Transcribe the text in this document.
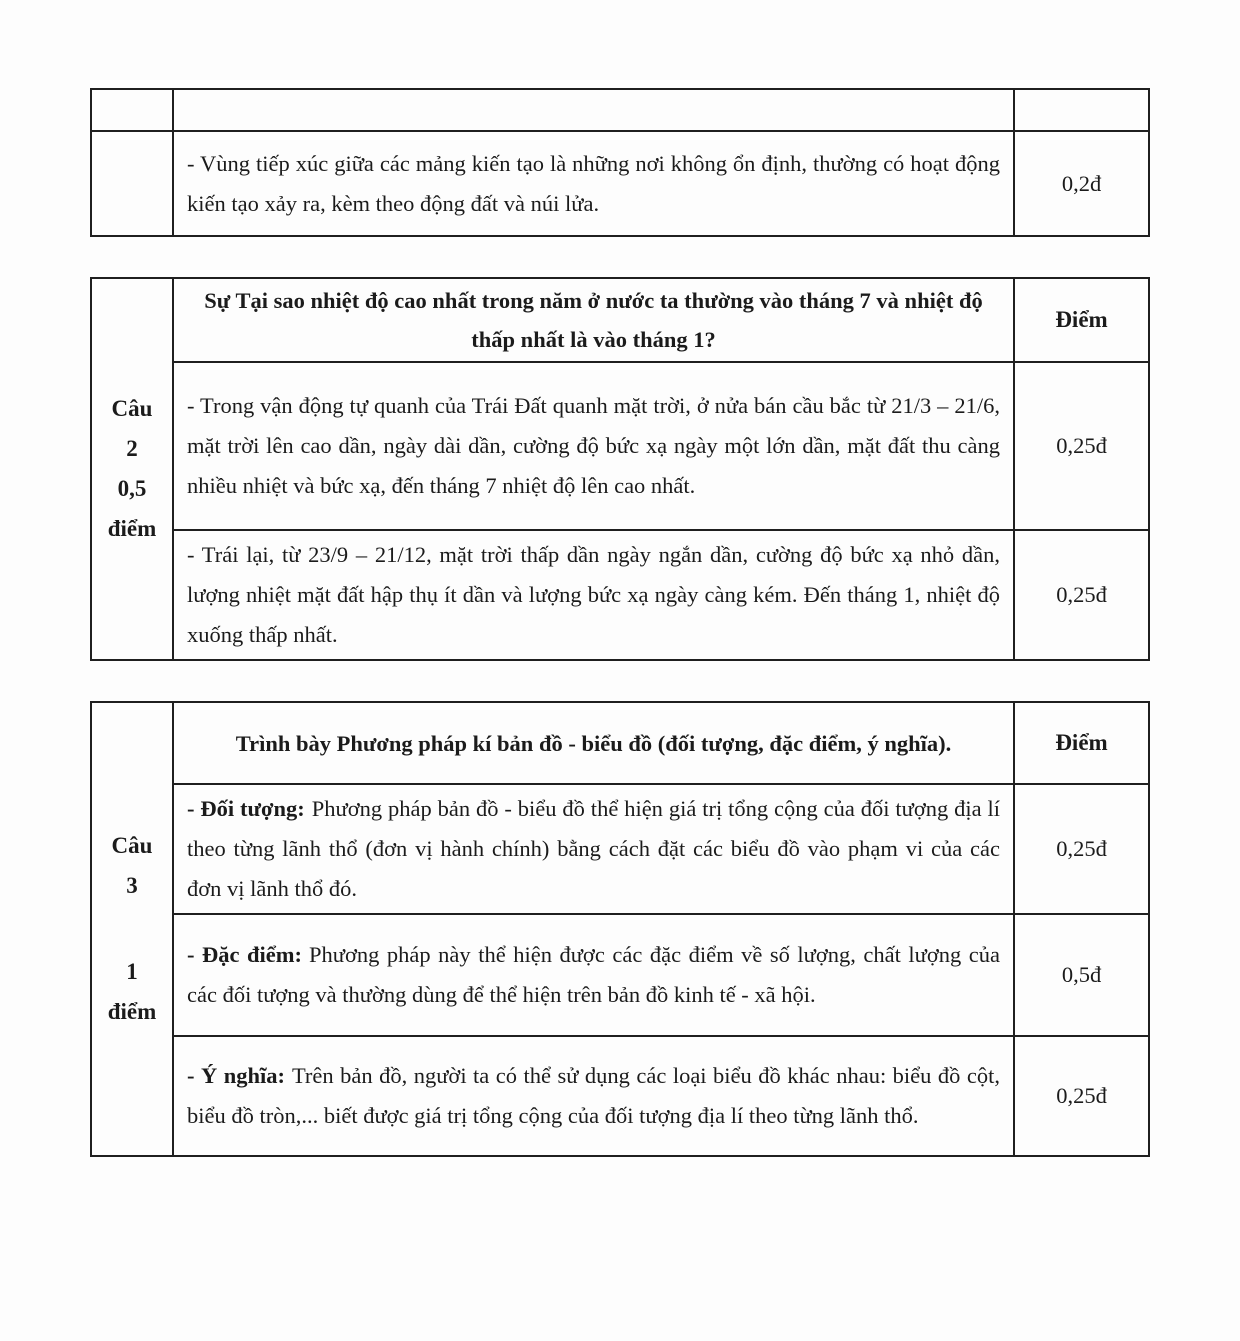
	- Vùng tiếp xúc giữa các mảng kiến tạo là những nơi không ổn định, thường có hoạt động kiến tạo xảy ra, kèm theo động đất và núi lửa.	0,2đ
Câu
2
0,5
điểm	Sự Tại sao nhiệt độ cao nhất trong năm ở nước ta thường vào tháng 7 và nhiệt độ thấp nhất là vào tháng 1?	Điểm
	- Trong vận động tự quanh của Trái Đất quanh mặt trời, ở nửa bán cầu bắc từ 21/3 – 21/6, mặt trời lên cao dần, ngày dài dần, cường độ bức xạ ngày một lớn dần, mặt đất thu càng nhiều nhiệt và bức xạ, đến tháng 7 nhiệt độ lên cao nhất.	0,25đ
	- Trái lại, từ 23/9 – 21/12, mặt trời thấp dần ngày ngắn dần, cường độ bức xạ nhỏ dần, lượng nhiệt mặt đất hập thụ ít dần và lượng bức xạ ngày càng kém. Đến tháng 1, nhiệt độ xuống thấp nhất.	0,25đ
Câu
3
1
điểm	Trình bày Phương pháp kí bản đồ - biểu đồ (đối tượng, đặc điểm, ý nghĩa).	Điểm
	- Đối tượng: Phương pháp bản đồ - biểu đồ thể hiện giá trị tổng cộng của đối tượng địa lí theo từng lãnh thổ (đơn vị hành chính) bằng cách đặt các biểu đồ vào phạm vi của các đơn vị lãnh thổ đó.	0,25đ
	- Đặc điểm: Phương pháp này thể hiện được các đặc điểm về số lượng, chất lượng của các đối tượng và thường dùng để thể hiện trên bản đồ kinh tế - xã hội.	0,5đ
	- Ý nghĩa: Trên bản đồ, người ta có thể sử dụng các loại biểu đồ khác nhau: biểu đồ cột, biểu đồ tròn,... biết được giá trị tổng cộng của đối tượng địa lí theo từng lãnh thổ.	0,25đ
